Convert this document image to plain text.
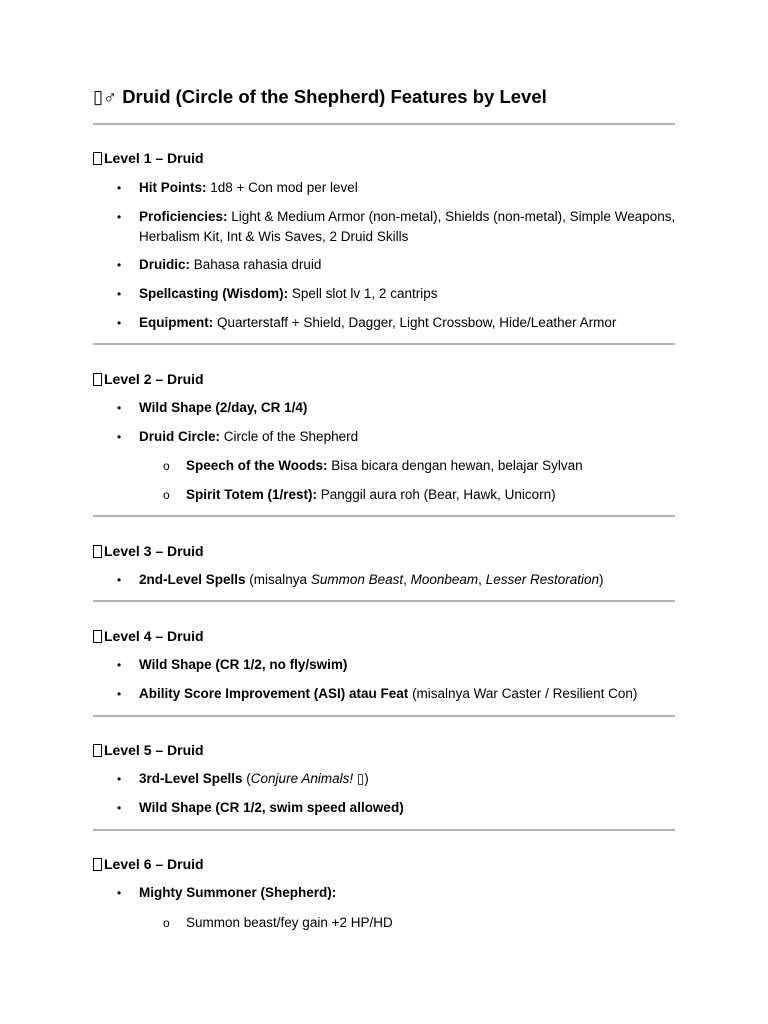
▯♂ Druid (Circle of the Shepherd) Features by Level
Level 1 – Druid

• Hit Points: 1d8 + Con mod per level

• Proficiencies: Light & Medium Armor (non-metal), Shields (non-metal), Simple Weapons, Herbalism Kit, Int & Wis Saves, 2 Druid Skills

• Druidic: Bahasa rahasia druid

• Spellcasting (Wisdom): Spell slot lv 1, 2 cantrips

• Equipment: Quarterstaff + Shield, Dagger, Light Crossbow, Hide/Leather Armor

Level 2 – Druid

• Wild Shape (2/day, CR 1/4)

• Druid Circle: Circle of the Shepherd

o Speech of the Woods: Bisa bicara dengan hewan, belajar Sylvan

o Spirit Totem (1/rest): Panggil aura roh (Bear, Hawk, Unicorn)

Level 3 – Druid

• 2nd-Level Spells (misalnya Summon Beast, Moonbeam, Lesser Restoration)

Level 4 – Druid

• Wild Shape (CR 1/2, no fly/swim)

• Ability Score Improvement (ASI) atau Feat (misalnya War Caster / Resilient Con)

Level 5 – Druid

• 3rd-Level Spells (Conjure Animals! ▯)

• Wild Shape (CR 1/2, swim speed allowed)

Level 6 – Druid

• Mighty Summoner (Shepherd):

o Summon beast/fey gain +2 HP/HD
